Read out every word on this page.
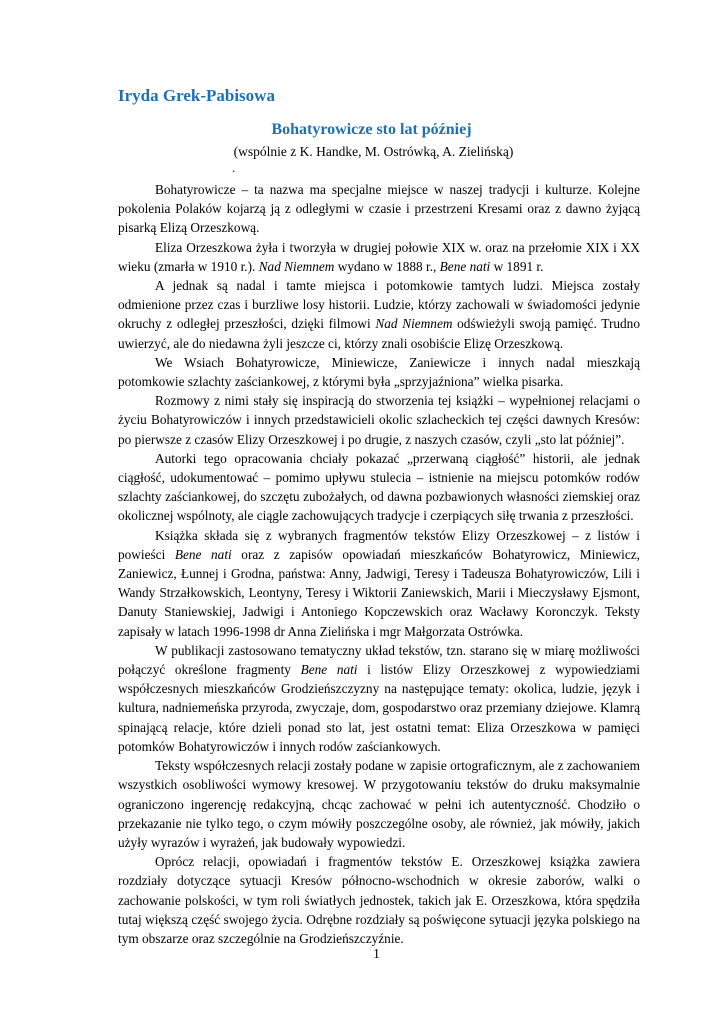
Iryda Grek-Pabisowa
Bohatyrowicze sto lat później
(wspólnie z K. Handke, M. Ostrówką, A. Zielińską)
.

Bohatyrowicze – ta nazwa ma specjalne miejsce w naszej tradycji i kulturze. Kolejne pokolenia Polaków kojarzą ją z odległymi w czasie i przestrzeni Kresami oraz z dawno żyjącą pisarką Elizą Orzeszkową.

Eliza Orzeszkowa żyła i tworzyła w drugiej połowie XIX w. oraz na przełomie XIX i XX wieku (zmarła w 1910 r.). Nad Niemnem wydano w 1888 r., Bene nati w 1891 r.

A jednak są nadal i tamte miejsca i potomkowie tamtych ludzi. Miejsca zostały odmienione przez czas i burzliwe losy historii. Ludzie, którzy zachowali w świadomości jedynie okruchy z odległej przeszłości, dzięki filmowi Nad Niemnem odświeżyli swoją pamięć. Trudno uwierzyć, ale do niedawna żyli jeszcze ci, którzy znali osobiście Elizę Orzeszkową.

We Wsiach Bohatyrowicze, Miniewicze, Zaniewicze i innych nadal mieszkają potomkowie szlachty zaściankowej, z którymi była „sprzyjaźniona” wielka pisarka.

Rozmowy z nimi stały się inspiracją do stworzenia tej książki – wypełnionej relacjami o życiu Bohatyrowiczów i innych przedstawicieli okolic szlacheckich tej części dawnych Kresów: po pierwsze z czasów Elizy Orzeszkowej i po drugie, z naszych czasów, czyli „sto lat później”.

Autorki tego opracowania chciały pokazać „przerwaną ciągłość” historii, ale jednak ciągłość, udokumentować – pomimo upływu stulecia – istnienie na miejscu potomków rodów szlachty zaściankowej, do szczętu zubożałych, od dawna pozbawionych własności ziemskiej oraz okolicznej wspólnoty, ale ciągle zachowujących tradycje i czerpiących siłę trwania z przeszłości.

Książka składa się z wybranych fragmentów tekstów Elizy Orzeszkowej – z listów i powieści Bene nati oraz z zapisów opowiadań mieszkańców Bohatyrowicz, Miniewicz, Zaniewicz, Łunnej i Grodna, państwa: Anny, Jadwigi, Teresy i Tadeusza Bohatyrowiczów, Lili i Wandy Strzałkowskich, Leontyny, Teresy i Wiktorii Zaniewskich, Marii i Mieczysławy Ejsmont, Danuty Staniewskiej, Jadwigi i Antoniego Kopczewskich oraz Wacławy Koronczyk. Teksty zapisały w latach 1996-1998 dr Anna Zielińska i mgr Małgorzata Ostrówka.

W publikacji zastosowano tematyczny układ tekstów, tzn. starano się w miarę możliwości połączyć określone fragmenty Bene nati i listów Elizy Orzeszkowej z wypowiedziami współczesnych mieszkańców Grodzieńszczyzny na następujące tematy: okolica, ludzie, język i kultura, nadniemeńska przyroda, zwyczaje, dom, gospodarstwo oraz przemiany dziejowe. Klamrą spinającą relacje, które dzieli ponad sto lat, jest ostatni temat: Eliza Orzeszkowa w pamięci potomków Bohatyrowiczów i innych rodów zaściankowych.

Teksty współczesnych relacji zostały podane w zapisie ortograficznym, ale z zachowaniem wszystkich osobliwości wymowy kresowej. W przygotowaniu tekstów do druku maksymalnie ograniczono ingerencję redakcyjną, chcąc zachować w pełni ich autentyczność. Chodziło o przekazanie nie tylko tego, o czym mówiły poszczególne osoby, ale również, jak mówiły, jakich użyły wyrazów i wyrażeń, jak budowały wypowiedzi.

Oprócz relacji, opowiadań i fragmentów tekstów E. Orzeszkowej książka zawiera rozdziały dotyczące sytuacji Kresów północno-wschodnich w okresie zaborów, walki o zachowanie polskości, w tym roli światłych jednostek, takich jak E. Orzeszkowa, która spędziła tutaj większą część swojego życia. Odrębne rozdziały są poświęcone sytuacji języka polskiego na tym obszarze oraz szczególnie na Grodzieńszczyźnie.

1
